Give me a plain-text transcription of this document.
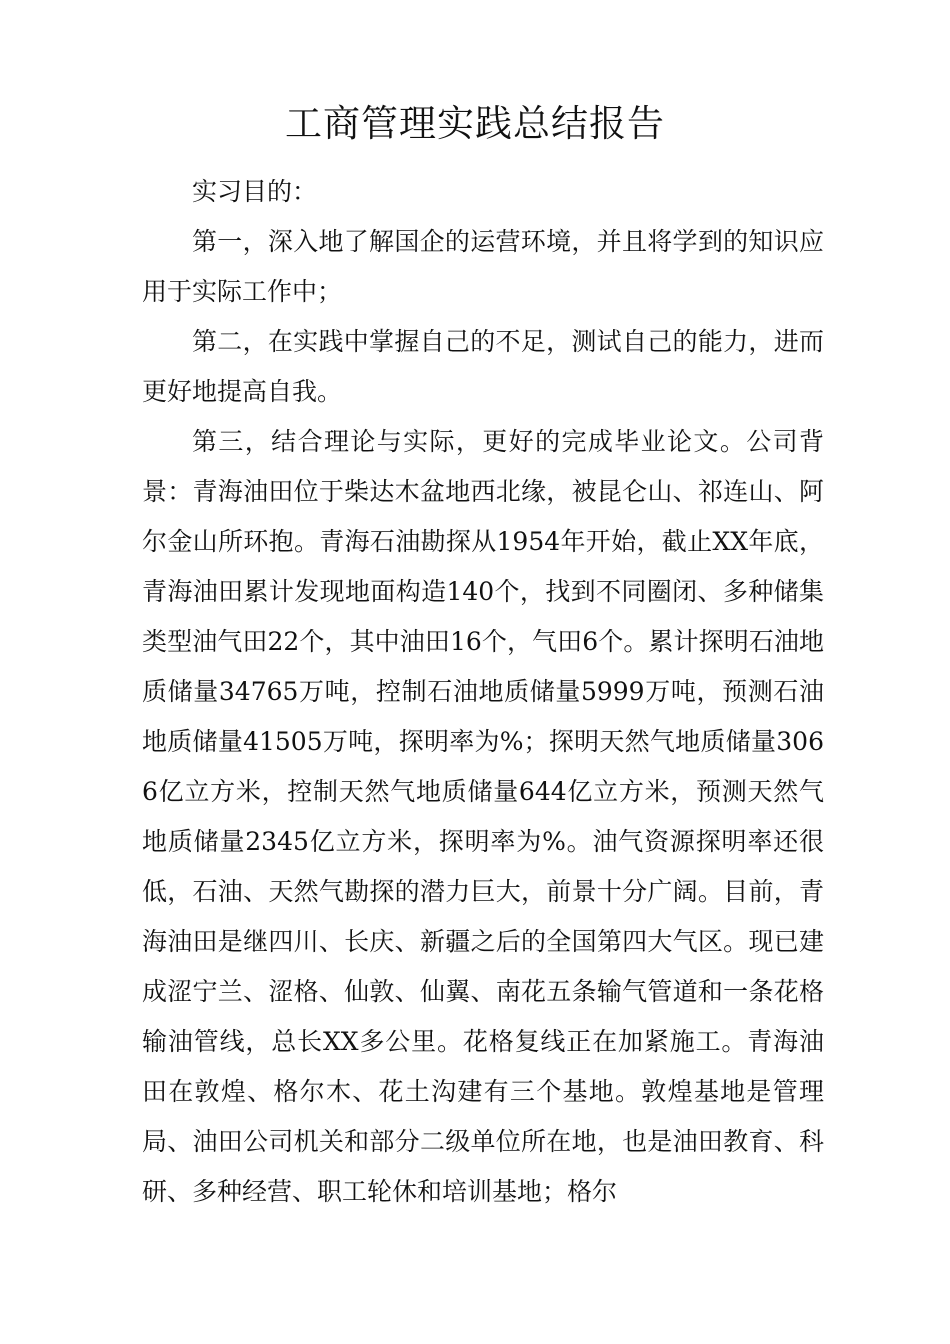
工商管理实践总结报告

实习目的：

第一，深入地了解国企的运营环境，并且将学到的知识应用于实际工作中；

第二，在实践中掌握自己的不足，测试自己的能力，进而更好地提高自我。

第三，结合理论与实际，更好的完成毕业论文。公司背景：青海油田位于柴达木盆地西北缘，被昆仑山、祁连山、阿尔金山所环抱。青海石油勘探从1954年开始，截止XX年底，青海油田累计发现地面构造140个，找到不同圈闭、多种储集类型油气田22个，其中油田16个，气田6个。累计探明石油地质储量34765万吨，控制石油地质储量5999万吨，预测石油地质储量41505万吨，探明率为%；探明天然气地质储量3066亿立方米，控制天然气地质储量644亿立方米，预测天然气地质储量2345亿立方米，探明率为%。油气资源探明率还很低，石油、天然气勘探的潜力巨大，前景十分广阔。目前，青海油田是继四川、长庆、新疆之后的全国第四大气区。现已建成涩宁兰、涩格、仙敦、仙翼、南花五条输气管道和一条花格输油管线，总长XX多公里。花格复线正在加紧施工。青海油田在敦煌、格尔木、花土沟建有三个基地。敦煌基地是管理局、油田公司机关和部分二级单位所在地，也是油田教育、科研、多种经营、职工轮休和培训基地；格尔
